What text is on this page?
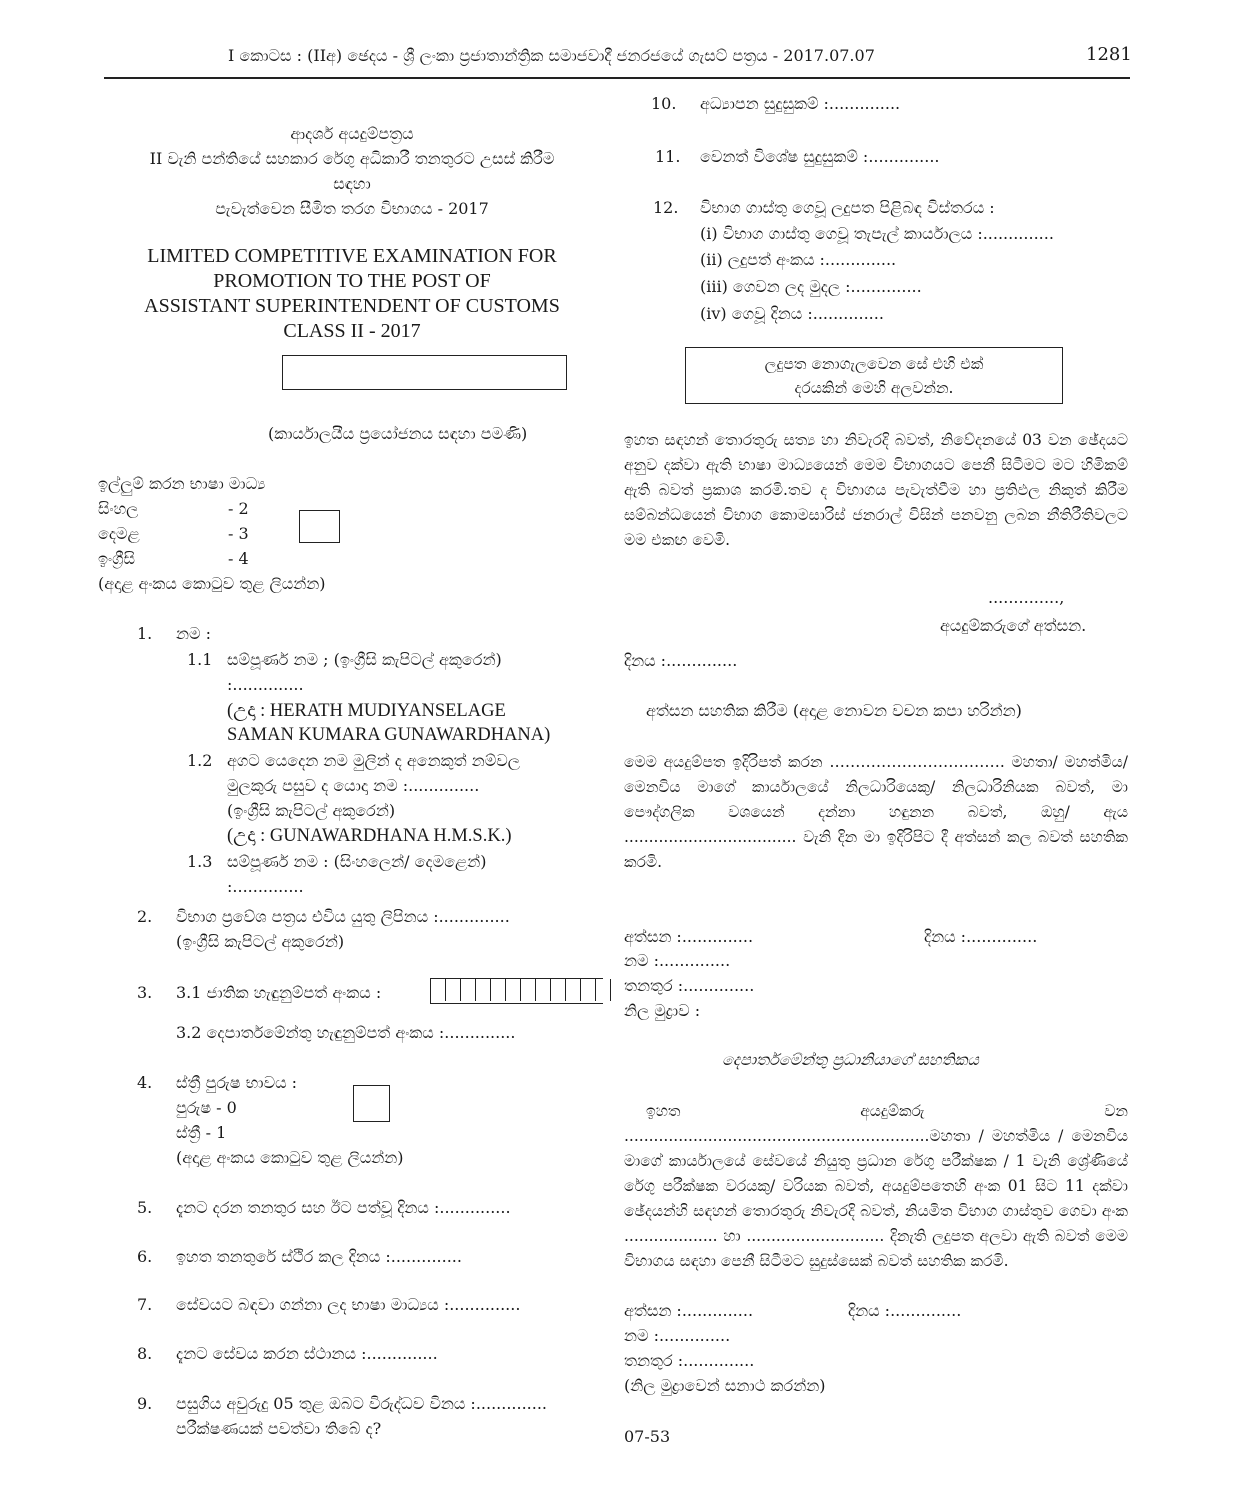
I කොටස : (IIඅ) ඡෙදය - ශ්‍රී ලංකා ප්‍රජාතාන්ත්‍රික සමාජවාදී ජනරජයේ ගැසට් පත්‍රය - 2017.07.07	1281
ආදර්ශ අයදුම්පත්‍රය
II වැනි පන්තියේ සහකාර රේගු අධිකාරී තනතුරට උසස් කිරීම
සඳහා
පැවැත්වෙන සීමිත තරග විභාගය - 2017
LIMITED COMPETITIVE EXAMINATION FOR
PROMOTION TO THE POST OF
ASSISTANT SUPERINTENDENT OF CUSTOMS
CLASS II - 2017
(කාර්යාලයීය ප්‍රයෝජනය සඳහා පමණි)
ඉල්ලුම් කරන භාෂා මාධ්‍ය
සිංහල	- 2
දෙමළ	- 3
ඉංග්‍රීසි	- 4
(අදාළ අංකය කොටුව තුළ ලියන්න)
1. නම :
1.1 සම්පූර්ණ නම ; (ඉංග්‍රීසි කැපිටල් අකුරෙන්)
:..............
(උදා : HERATH MUDIYANSELAGE
SAMAN KUMARA GUNAWARDHANA)
1.2 අගට යෙදෙන නම මුලින් ද අනෙකුත් නම්වල
මුලකුරු පසුව ද යොදා නම :..............
(ඉංග්‍රීසි කැපිටල් අකුරෙන්)
(උදා : GUNAWARDHANA H.M.S.K.)
1.3 සම්පූර්ණ නම : (සිංහලෙන්/ දෙමළෙන්)
:..............
2. විභාග ප්‍රවේශ පත්‍රය එවිය යුතු ලිපිනය :..............
(ඉංග්‍රීසි කැපිටල් අකුරෙන්)
3. 3.1 ජාතික හැඳුනුම්පත් අංකය :
3.2 දෙපාර්තමේන්තු හැඳුනුම්පත් අංකය :..............
4. ස්ත්‍රී පුරුෂ භාවය :
පුරුෂ - 0
ස්ත්‍රී - 1
(අදාළ අංකය කොටුව තුළ ලියන්න)
5. දැනට දරන තනතුර සහ ඊට පත්වූ දිනය :..............
6. ඉහත තනතුරේ ස්ථිර කල දිනය :..............
7. සේවයට බඳවා ගන්නා ලද භාෂා මාධ්‍යය :..............
8. දැනට සේවය කරන ස්ථානය :..............
9. පසුගිය අවුරුදු 05 තුළ ඔබට විරුද්ධව විනය :..............
පරීක්ෂණයක් පවත්වා තිබේ ද?
10. අධ්‍යාපන සුදුසුකම් :..............
11. වෙනත් විශේෂ සුදුසුකම් :..............
12. විභාග ගාස්තු ගෙවූ ලදුපත පිළිබඳ විස්තරය :
(i) විභාග ගාස්තු ගෙවූ තැපැල් කාර්යාලය :..............
(ii) ලදුපත් අංකය :..............
(iii) ගෙවන ලද මුදල :..............
(iv) ගෙවූ දිනය :..............
ලදුපත නොගැලවෙන සේ එහි එක්
දරයකින් මෙහි අලවන්න.
ඉහත සඳහන් තොරතුරු සත්‍ය හා නිවැරදි බවත්, නිවේදනයේ 03 වන ඡේදයට අනුව දක්වා ඇති භාෂා මාධ්‍යයෙන් මෙම විභාගයට පෙනී සිටීමට මට හිමිකම් ඇති බවත් ප්‍රකාශ කරමි.තව ද විභාගය පැවැත්වීම හා ප්‍රතිඵල නිකුත් කිරීම සම්බන්ධයෙන් විභාග කොමසාරිස් ජනරාල් විසින් පනවනු ලබන නීතිරීතිවලට මම එකඟ වෙමි.
..............,
අයදුම්කරුගේ අත්සන.
දිනය :..............
අත්සන සහතික කිරීම (අදාළ නොවන වචන කපා හරින්න)
මෙම අයදුම්පත ඉදිරිපත් කරන ……………………………. මහතා/ මහත්මිය/මෙනවිය මාගේ කාර්යාලයේ නිලධාරියෙකු/ නිලධාරිනියක බවත්, මා පෞද්ගලික වශයෙන් දන්නා හඳුනන බවත්, ඔහු/ ඇය ................................... වැනි දින මා ඉදිරිපිට දී අත්සන් කල බවත් සහතික කරමි.
අත්සන :..............	දිනය :..............
නම :..............
තනතුර :..............
නිල මුද්‍රාව :
දෙපාර්තමේන්තු ප්‍රධානියාගේ සහතිකය
ඉහත අයදුම්කරු වන ..............................................................මහතා / මහත්මිය / මෙනවිය මාගේ කාර්යාලයේ සේවයේ නියුතු ප්‍රධාන රේගු පරීක්ෂක / 1 වැනි ශ්‍රේණියේ රේගු පරීක්ෂක වරයකු/ වරියක බවත්, අයදුම්පතෙහි අංක 01 සිට 11 දක්වා ඡේදයන්හි සඳහන් තොරතුරු නිවැරදි බවත්, නියමිත විභාග ගාස්තුව ගෙවා අංක ................... හා ............................ දිනැති ලදුපත අලවා ඇති බවත් මෙම විභාගය සඳහා පෙනී සිටීමට සුදුස්සෙක් බවත් සහතික කරමි.
අත්සන :..............	දිනය :..............
නම :..............
තනතුර :..............
(නිල මුද්‍රාවෙන් සනාථ කරන්න)
07-53
